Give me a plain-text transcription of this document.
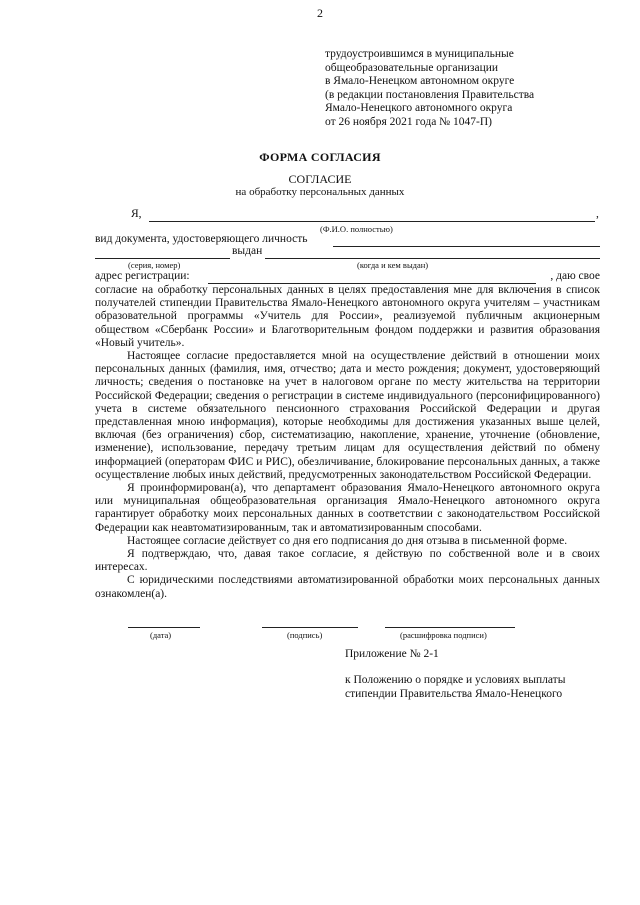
2
трудоустроившимся в муниципальные
общеобразовательные организации
в Ямало-Ненецком автономном округе
(в редакции постановления Правительства
Ямало-Ненецкого автономного округа
от 26 ноября 2021 года № 1047-П)
ФОРМА СОГЛАСИЯ
СОГЛАСИЕ
на обработку персональных данных
Я,	,
(Ф.И.О. полностью)
вид документа, удостоверяющего личность
выдан
(серия, номер)	(когда и кем выдан)
адрес регистрации:	, даю свое

согласие на обработку персональных данных в целях предоставления мне для включения в список получателей стипендии Правительства Ямало-Ненецкого автономного округа учителям – участникам образовательной программы «Учитель для России», реализуемой публичным акционерным обществом «Сбербанк России» и Благотворительным фондом поддержки и развития образования «Новый учитель».

Настоящее согласие предоставляется мной на осуществление действий в отношении моих персональных данных (фамилия, имя, отчество; дата и место рождения; документ, удостоверяющий личность; сведения о постановке на учет в налоговом органе по месту жительства на территории Российской Федерации; сведения о регистрации в системе индивидуального (персонифицированного) учета в системе обязательного пенсионного страхования Российской Федерации и другая представленная мною информация), которые необходимы для достижения указанных выше целей, включая (без ограничения) сбор, систематизацию, накопление, хранение, уточнение (обновление, изменение), использование, передачу третьим лицам для осуществления действий по обмену информацией (операторам ФИС и РИС), обезличивание, блокирование персональных данных, а также осуществление любых иных действий, предусмотренных законодательством Российской Федерации.

Я проинформирован(а), что департамент образования Ямало-Ненецкого автономного округа или муниципальная общеобразовательная организация Ямало-Ненецкого автономного округа гарантирует обработку моих персональных данных в соответствии с законодательством Российской Федерации как неавтоматизированным, так и автоматизированным способами.

Настоящее согласие действует со дня его подписания до дня отзыва в письменной форме.

Я подтверждаю, что, давая такое согласие, я действую по собственной воле и в своих интересах.

С юридическими последствиями автоматизированной обработки моих персональных данных ознакомлен(а).

(дата)	(подпись)	(расшифровка подписи)
Приложение № 2-1
к Положению о порядке и условиях выплаты
стипендии Правительства Ямало-Ненецкого
